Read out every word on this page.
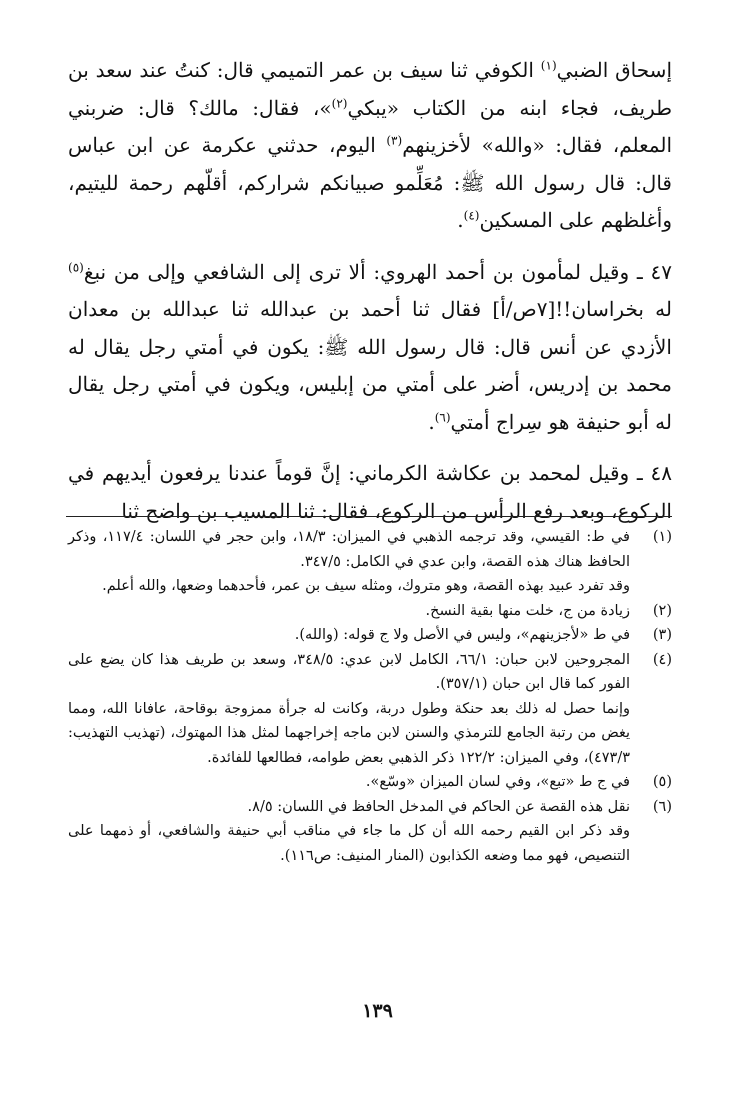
إسحاق الضبي$^{(١)}$ الكوفي ثنا سيف بن عمر التميمي قال: كنتُ عند سعد بن طريف، فجاء ابنه من الكتاب «يبكي$^{(٢)}$»، فقال: مالك؟ قال: ضربني المعلم، فقال: «والله» لأخزينهم$^{(٣)}$ اليوم، حدثني عكرمة عن ابن عباس قال: قال رسول الله ﷺ: مُعَلِّمو صبيانكم شراركم، أقلّهم رحمة لليتيم، وأغلظهم على المسكين$^{(٤)}$.

٤٧ ـ وقيل لمأمون بن أحمد الهروي: ألا ترى إلى الشافعي وإلى من نبغ$^{(٥)}$ له بخراسان!![٧ص/أ] فقال ثنا أحمد بن عبدالله ثنا عبدالله بن معدان الأزدي عن أنس قال: قال رسول الله ﷺ: يكون في أمتي رجل يقال له محمد بن إدريس، أضر على أمتي من إبليس، ويكون في أمتي رجل يقال له أبو حنيفة هو سِراج أمتي$^{(٦)}$.

٤٨ ـ وقيل لمحمد بن عكاشة الكرماني: إنَّ قوماً عندنا يرفعون أيديهم في الركوع، وبعد رفع الرأس من الركوع، فقال: ثنا المسيب بن واضح ثنا

(١)
في ط: القيسي، وقد ترجمه الذهبي في الميزان: ١٨/٣، وابن حجر في اللسان: ١١٧/٤، وذكر الحافظ هناك هذه القصة، وابن عدي في الكامل: ٣٤٧/٥.
وقد تفرد عبيد بهذه القصة، وهو متروك، ومثله سيف بن عمر، فأحدهما وضعها، والله أعلم.
(٢)
زيادة من ج، خلت منها بقية النسخ.
(٣)
في ط «لأجزينهم»، وليس في الأصل ولا ج قوله: (والله).
(٤)
المجروحين لابن حبان: ٦٦/١، الكامل لابن عدي: ٣٤٨/٥، وسعد بن طريف هذا كان يضع على الفور كما قال ابن حبان (٣٥٧/١).
وإنما حصل له ذلك بعد حنكة وطول دربة، وكانت له جرأة ممزوجة بوقاحة، عافانا الله، ومما يغض من رتبة الجامع للترمذي والسنن لابن ماجه إخراجهما لمثل هذا المهتوك، (تهذيب التهذيب: ٤٧٣/٣)، وفي الميزان: ١٢٢/٢ ذكر الذهبي بعض طوامه، فطالعها للفائدة.
(٥)
في ج ط «تبع»، وفي لسان الميزان «وسّع».
(٦)
نقل هذه القصة عن الحاكم في المدخل الحافظ في اللسان: ٨/٥.
وقد ذكر ابن القيم رحمه الله أن كل ما جاء في مناقب أبي حنيفة والشافعي، أو ذمهما على التنصيص، فهو مما وضعه الكذابون (المنار المنيف: ص١١٦).
١٣٩
